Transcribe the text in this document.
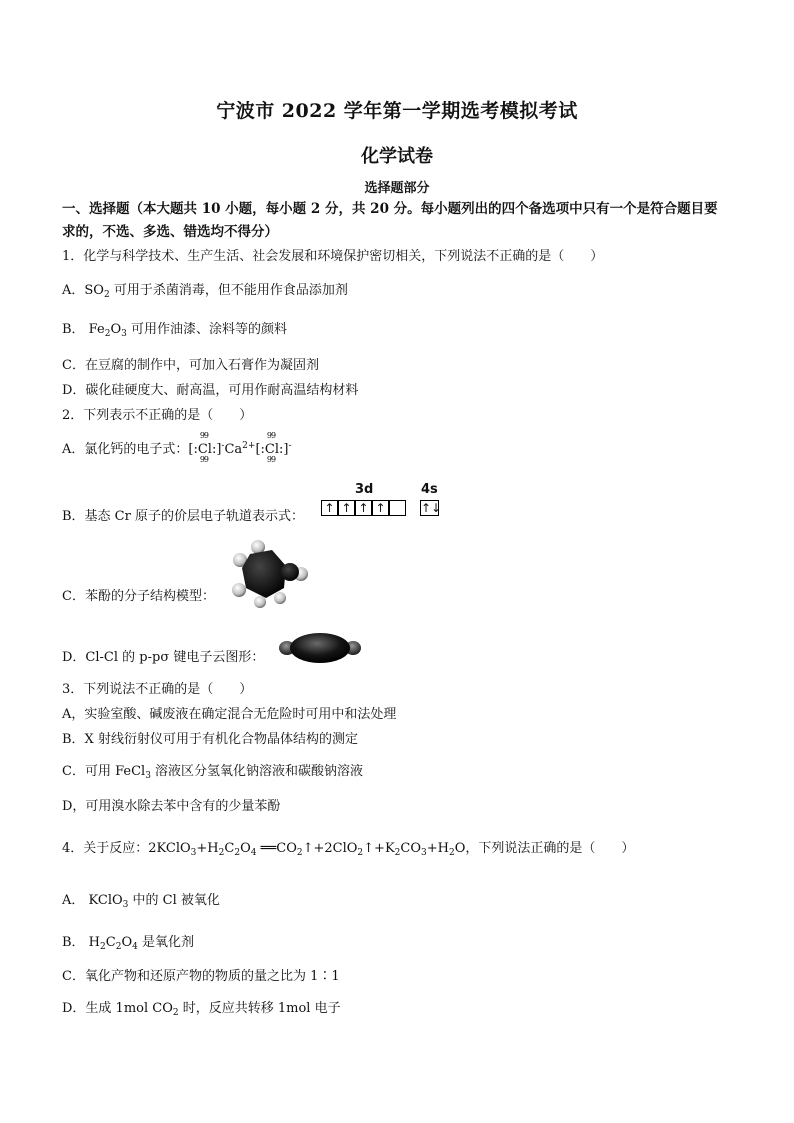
宁波市 2022 学年第一学期选考模拟考试
化学试卷
选择题部分
一、选择题（本大题共 10 小题，每小题 2 分，共 20 分。每小题列出的四个备选项中只有一个是符合题目要
求的，不选、多选、错选均不得分）
1．化学与科学技术、生产生活、社会发展和环境保护密切相关，下列说法不正确的是（　　）
A．$SO_2$ 可用于杀菌消毒，但不能用作食品添加剂
B． $Fe_2O_3$ 可用作油漆、涂料等的颜料
C．在豆腐的制作中，可加入石膏作为凝固剂
D．碳化硅硬度大、耐高温，可用作耐高温结构材料
2．下列表示不正确的是（　　）
A．氯化钙的电子式：[:
99
Cl
99
$:]^-Ca^{2+}$[:
99
Cl
99
:]-
B．基态 Cr 原子的价层电子轨道表示式：
3d	4s
↑ ↑ ↑ ↑	↑↓
C．苯酚的分子结构模型：
D．Cl-Cl 的 p-pσ 键电子云图形：
3．下列说法不正确的是（　　）
A，实验室酸、碱废液在确定混合无危险时可用中和法处理
B．X 射线衍射仪可用于有机化合物晶体结构的测定
C．可用 FeCl$_3$ 溶液区分氢氧化钠溶液和碳酸钠溶液
D，可用溴水除去苯中含有的少量苯酚
4．关于反应：$2KClO_3+H_2C_2O_4$ $══CO_2↑+2ClO_2↑+K_2CO_3+H_2O$，下列说法正确的是（　　）
A． KClO$_3$ 中的 Cl 被氧化
B． $H_2C_2O_4$ 是氧化剂
C．氧化产物和还原产物的物质的量之比为 1∶1
D．生成 1mol $CO_2$ 时，反应共转移 1mol 电子
